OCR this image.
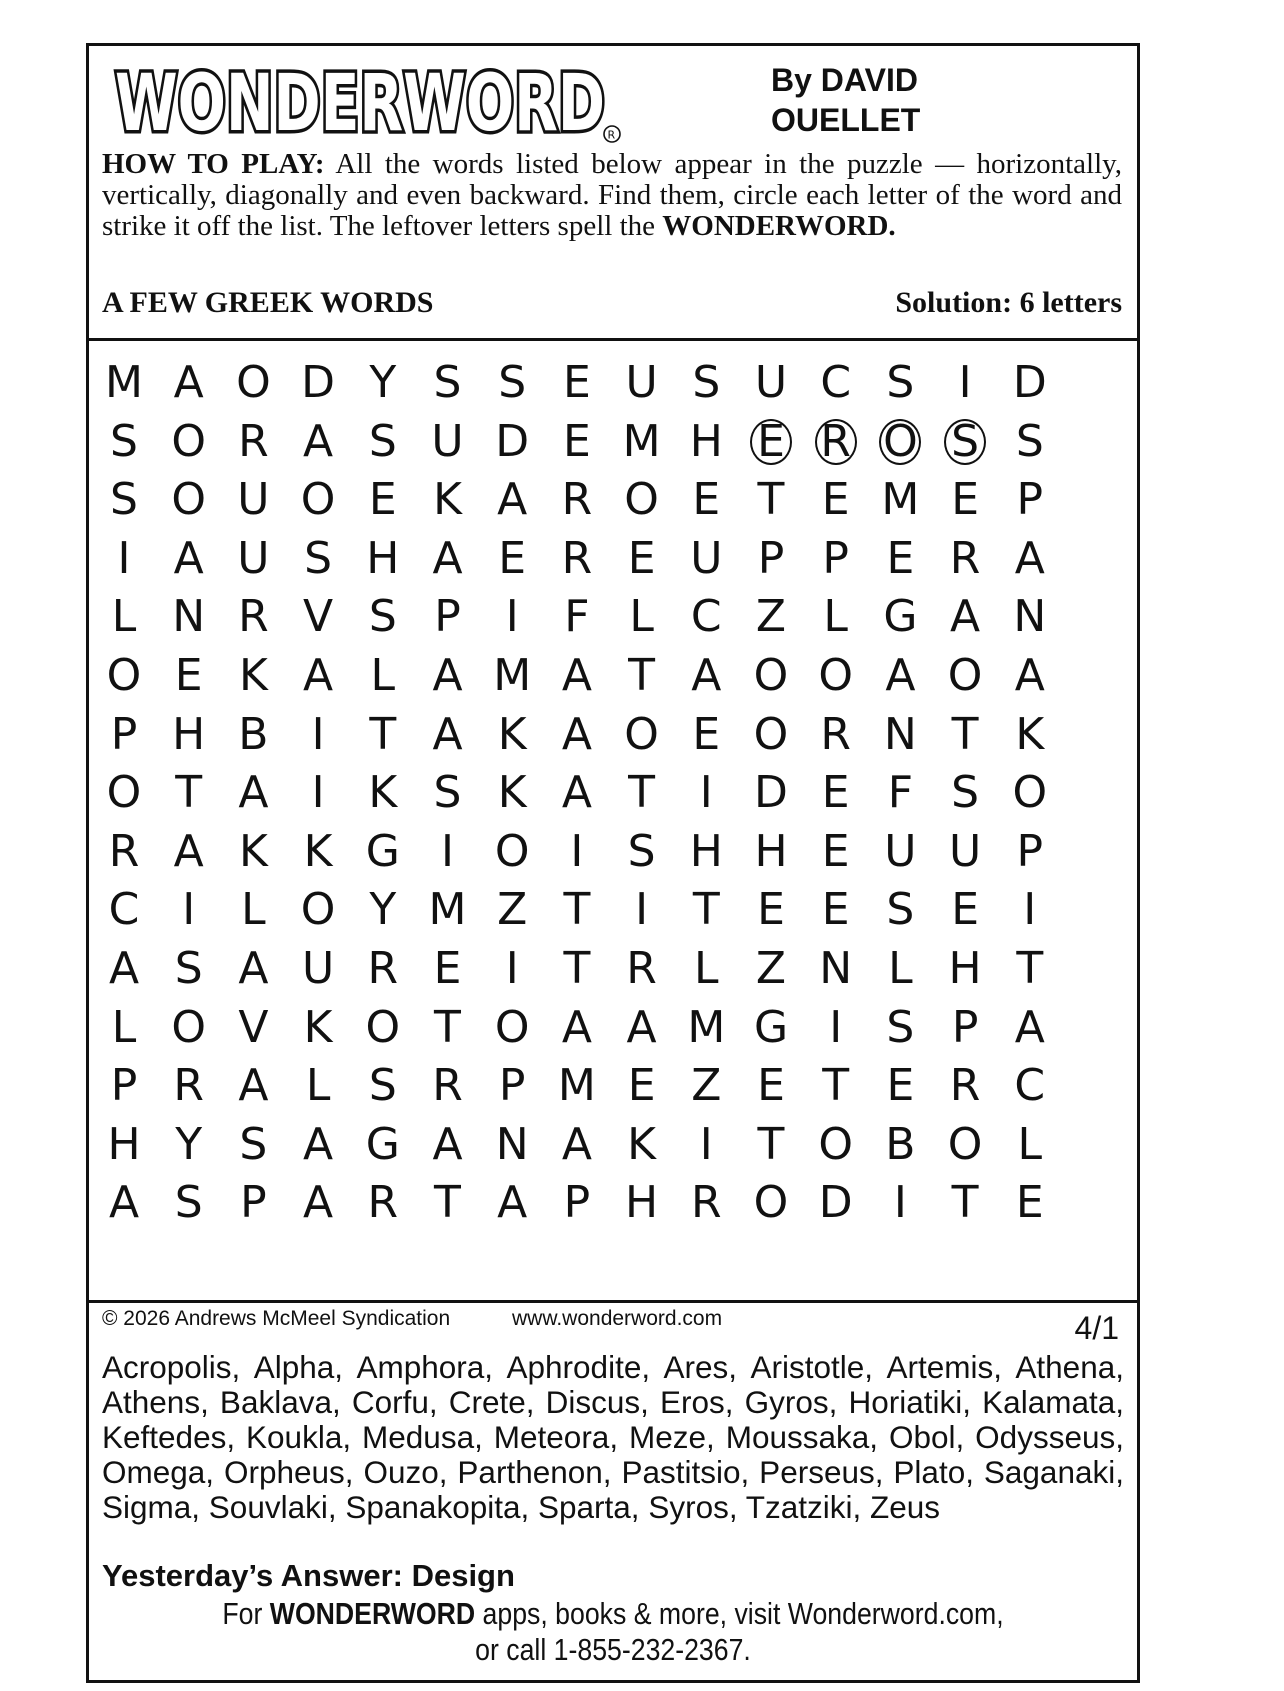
WONDERWORD R
By DAVID
OUELLET
HOW TO PLAY: All the words listed below appear in the puzzle — horizontally, vertically, diagonally and even backward. Find them, circle each letter of the word and strike it off the list. The leftover letters spell the WONDERWORD.
A FEW GREEK WORDS	Solution: 6 letters
M A O D Y S S E U S U C S	I D
S O R A S U D E M H E R O S S
S O U O E K A R O E T E M E P
I A U S H A E R E U P P E R A
L N R V S P	I	F L C Z L G A N
O E K A L A M A T A O O A O A
P H B I	T A K A O E O R N T K
O T A I K S K A T	I D E F S O
R A K K G I O I	S H H E U U P
C I	L O Y M Z T	I	T E E S E	I
A S A U R E	I	T R L Z N L H T
L O V K O T O A A M G I	S P A
P R A L S R P M E Z E T E R C
H Y S A G A N A K I	T O B O L
A S P A R T A P H R O D I	T E
© 2026 Andrews McMeel Syndication	www.wonderword.com	4/1
Acropolis, Alpha, Amphora, Aphrodite, Ares, Aristotle, Artemis, Athena, Athens, Baklava, Corfu, Crete, Discus, Eros, Gyros, Horiatiki, Kalamata, Keftedes, Koukla, Medusa, Meteora, Meze, Moussaka, Obol, Odysseus, Omega, Orpheus, Ouzo, Parthenon, Pastitsio, Perseus, Plato, Saganaki, Sigma, Souvlaki, Spanakopita, Sparta, Syros, Tzatziki, Zeus
Yesterday’s Answer: Design
For WONDERWORD apps, books & more, visit Wonderword.com,
or call 1-855-232-2367.
